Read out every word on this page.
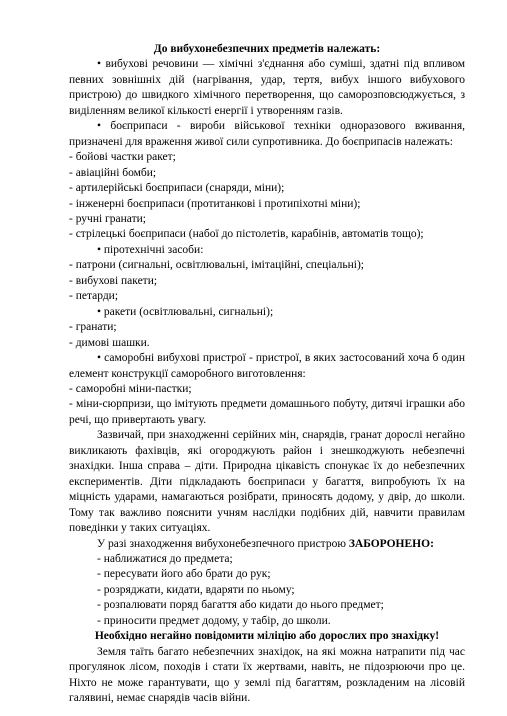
До вибухонебезпечних предметів належать:

• вибухові речовини — хімічні з'єднання або суміші, здатні під впливом певних зовнішніх дій (нагрівання, удар, тертя, вибух іншого вибухового пристрою) до швидкого хімічного перетворення, що саморозповсюджується, з виділенням великої кількості енергії і утворенням газів.

• боєприпаси - вироби військової техніки одноразового вживання, призначені для враження живої сили супротивника. До боєприпасів належать:

- бойові частки ракет;

- авіаційні бомби;

- артилерійські боєприпаси (снаряди, міни);

- інженерні боєприпаси (протитанкові і протипіхотні міни);

- ручні гранати;

- стрілецькі боєприпаси (набої до пістолетів, карабінів, автоматів тощо);

• піротехнічні засоби:

- патрони (сигнальні, освітлювальні, імітаційні, спеціальні);

- вибухові пакети;

- петарди;

• ракети (освітлювальні, сигнальні);

- гранати;

- димові шашки.

• саморобні вибухові пристрої - пристрої, в яких застосований хоча б один елемент конструкції саморобного виготовлення:

- саморобні міни-пастки;

- міни-сюрпризи, що імітують предмети домашнього побуту, дитячі іграшки або речі, що привертають увагу.

Зазвичай, при знаходженні серійних мін, снарядів, гранат дорослі негайно викликають фахівців, які огороджують район і знешкоджують небезпечні знахідки. Інша справа – діти. Природна цікавість спонукає їх до небезпечних експериментів. Діти підкладають боєприпаси у багаття, випробують їх на міцність ударами, намагаються розібрати, приносять додому, у двір, до школи. Тому так важливо пояснити учням наслідки подібних дій, навчити правилам поведінки у таких ситуаціях.

У разі знаходження вибухонебезпечного пристрою ЗАБОРОНЕНО:

- наближатися до предмета;

- пересувати його або брати до рук;

- розряджати, кидати, вдаряти по ньому;

- розпалювати поряд багаття або кидати до нього предмет;

- приносити предмет додому, у табір, до школи.

Необхідно негайно повідомити міліцію або дорослих про знахідку!

Земля таїть багато небезпечних знахідок, на які можна натрапити під час прогулянок лісом, походів і стати їх жертвами, навіть, не підозрюючи про це. Ніхто не може гарантувати, що у землі під багаттям, розкладеним на лісовій галявині, немає снарядів часів війни.
